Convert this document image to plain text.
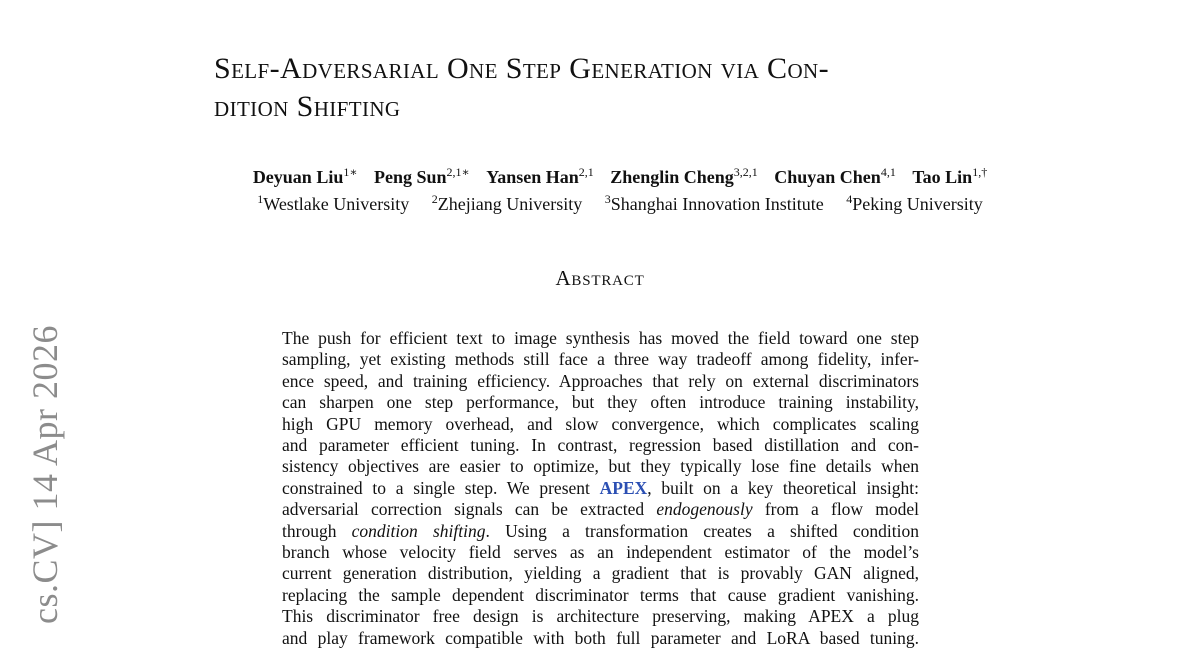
cs.CV] 14 Apr 2026
Self-Adversarial One Step Generation via Con-
dition Shifting
Deyuan Liu$^{1∗}$ Peng Sun$^{2,1∗}$ Yansen Han$^{2,1}$ Zhenglin Cheng$^{3,2,1}$ Chuyan Chen$^{4,1}$ Tao Lin$^{1,\dagger}$
$^1$Westlake University $^2$Zhejiang University $^3$Shanghai Innovation Institute $^4$Peking University
Abstract
The push for efficient text to image synthesis has moved the field toward one step
sampling, yet existing methods still face a three way tradeoff among fidelity, infer-
ence speed, and training efficiency. Approaches that rely on external discriminators
can sharpen one step performance, but they often introduce training instability,
high GPU memory overhead, and slow convergence, which complicates scaling
and parameter efficient tuning. In contrast, regression based distillation and con-
sistency objectives are easier to optimize, but they typically lose fine details when
constrained to a single step. We present APEX, built on a key theoretical insight:
adversarial correction signals can be extracted endogenously from a flow model
through condition shifting. Using a transformation creates a shifted condition
branch whose velocity field serves as an independent estimator of the model’s
current generation distribution, yielding a gradient that is provably GAN aligned,
replacing the sample dependent discriminator terms that cause gradient vanishing.
This discriminator free design is architecture preserving, making APEX a plug
and play framework compatible with both full parameter and LoRA based tuning.
